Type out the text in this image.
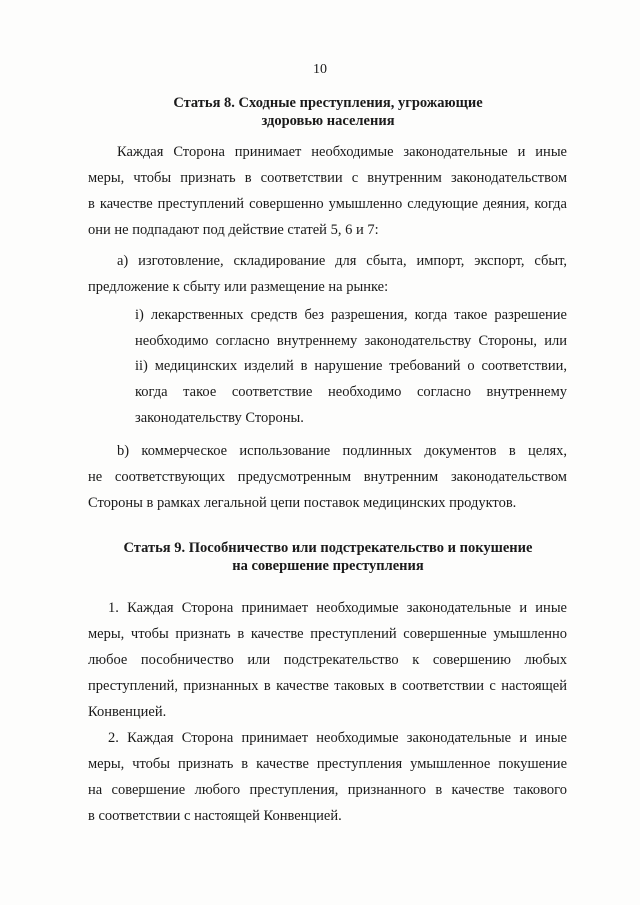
10
Статья 8. Сходные преступления, угрожающие
здоровью населения
Каждая Сторона принимает необходимые законодательные и иные
меры, чтобы признать в соответствии с внутренним законодательством
в качестве преступлений совершенно умышленно следующие деяния, когда
они не подпадают под действие статей 5, 6 и 7:
a) изготовление, складирование для сбыта, импорт, экспорт, сбыт,
предложение к сбыту или размещение на рынке:
i) лекарственных средств без разрешения, когда такое разрешение
необходимо согласно внутреннему законодательству Стороны, или
ii) медицинских изделий в нарушение требований о соответствии,
когда такое соответствие необходимо согласно внутреннему
законодательству Стороны.
b) коммерческое использование подлинных документов в целях,
не соответствующих предусмотренным внутренним законодательством
Стороны в рамках легальной цепи поставок медицинских продуктов.
Статья 9. Пособничество или подстрекательство и покушение
на совершение преступления
1. Каждая Сторона принимает необходимые законодательные и иные
меры, чтобы признать в качестве преступлений совершенные умышленно
любое пособничество или подстрекательство к совершению любых
преступлений, признанных в качестве таковых в соответствии с настоящей
Конвенцией.
2. Каждая Сторона принимает необходимые законодательные и иные
меры, чтобы признать в качестве преступления умышленное покушение
на совершение любого преступления, признанного в качестве такового
в соответствии с настоящей Конвенцией.
